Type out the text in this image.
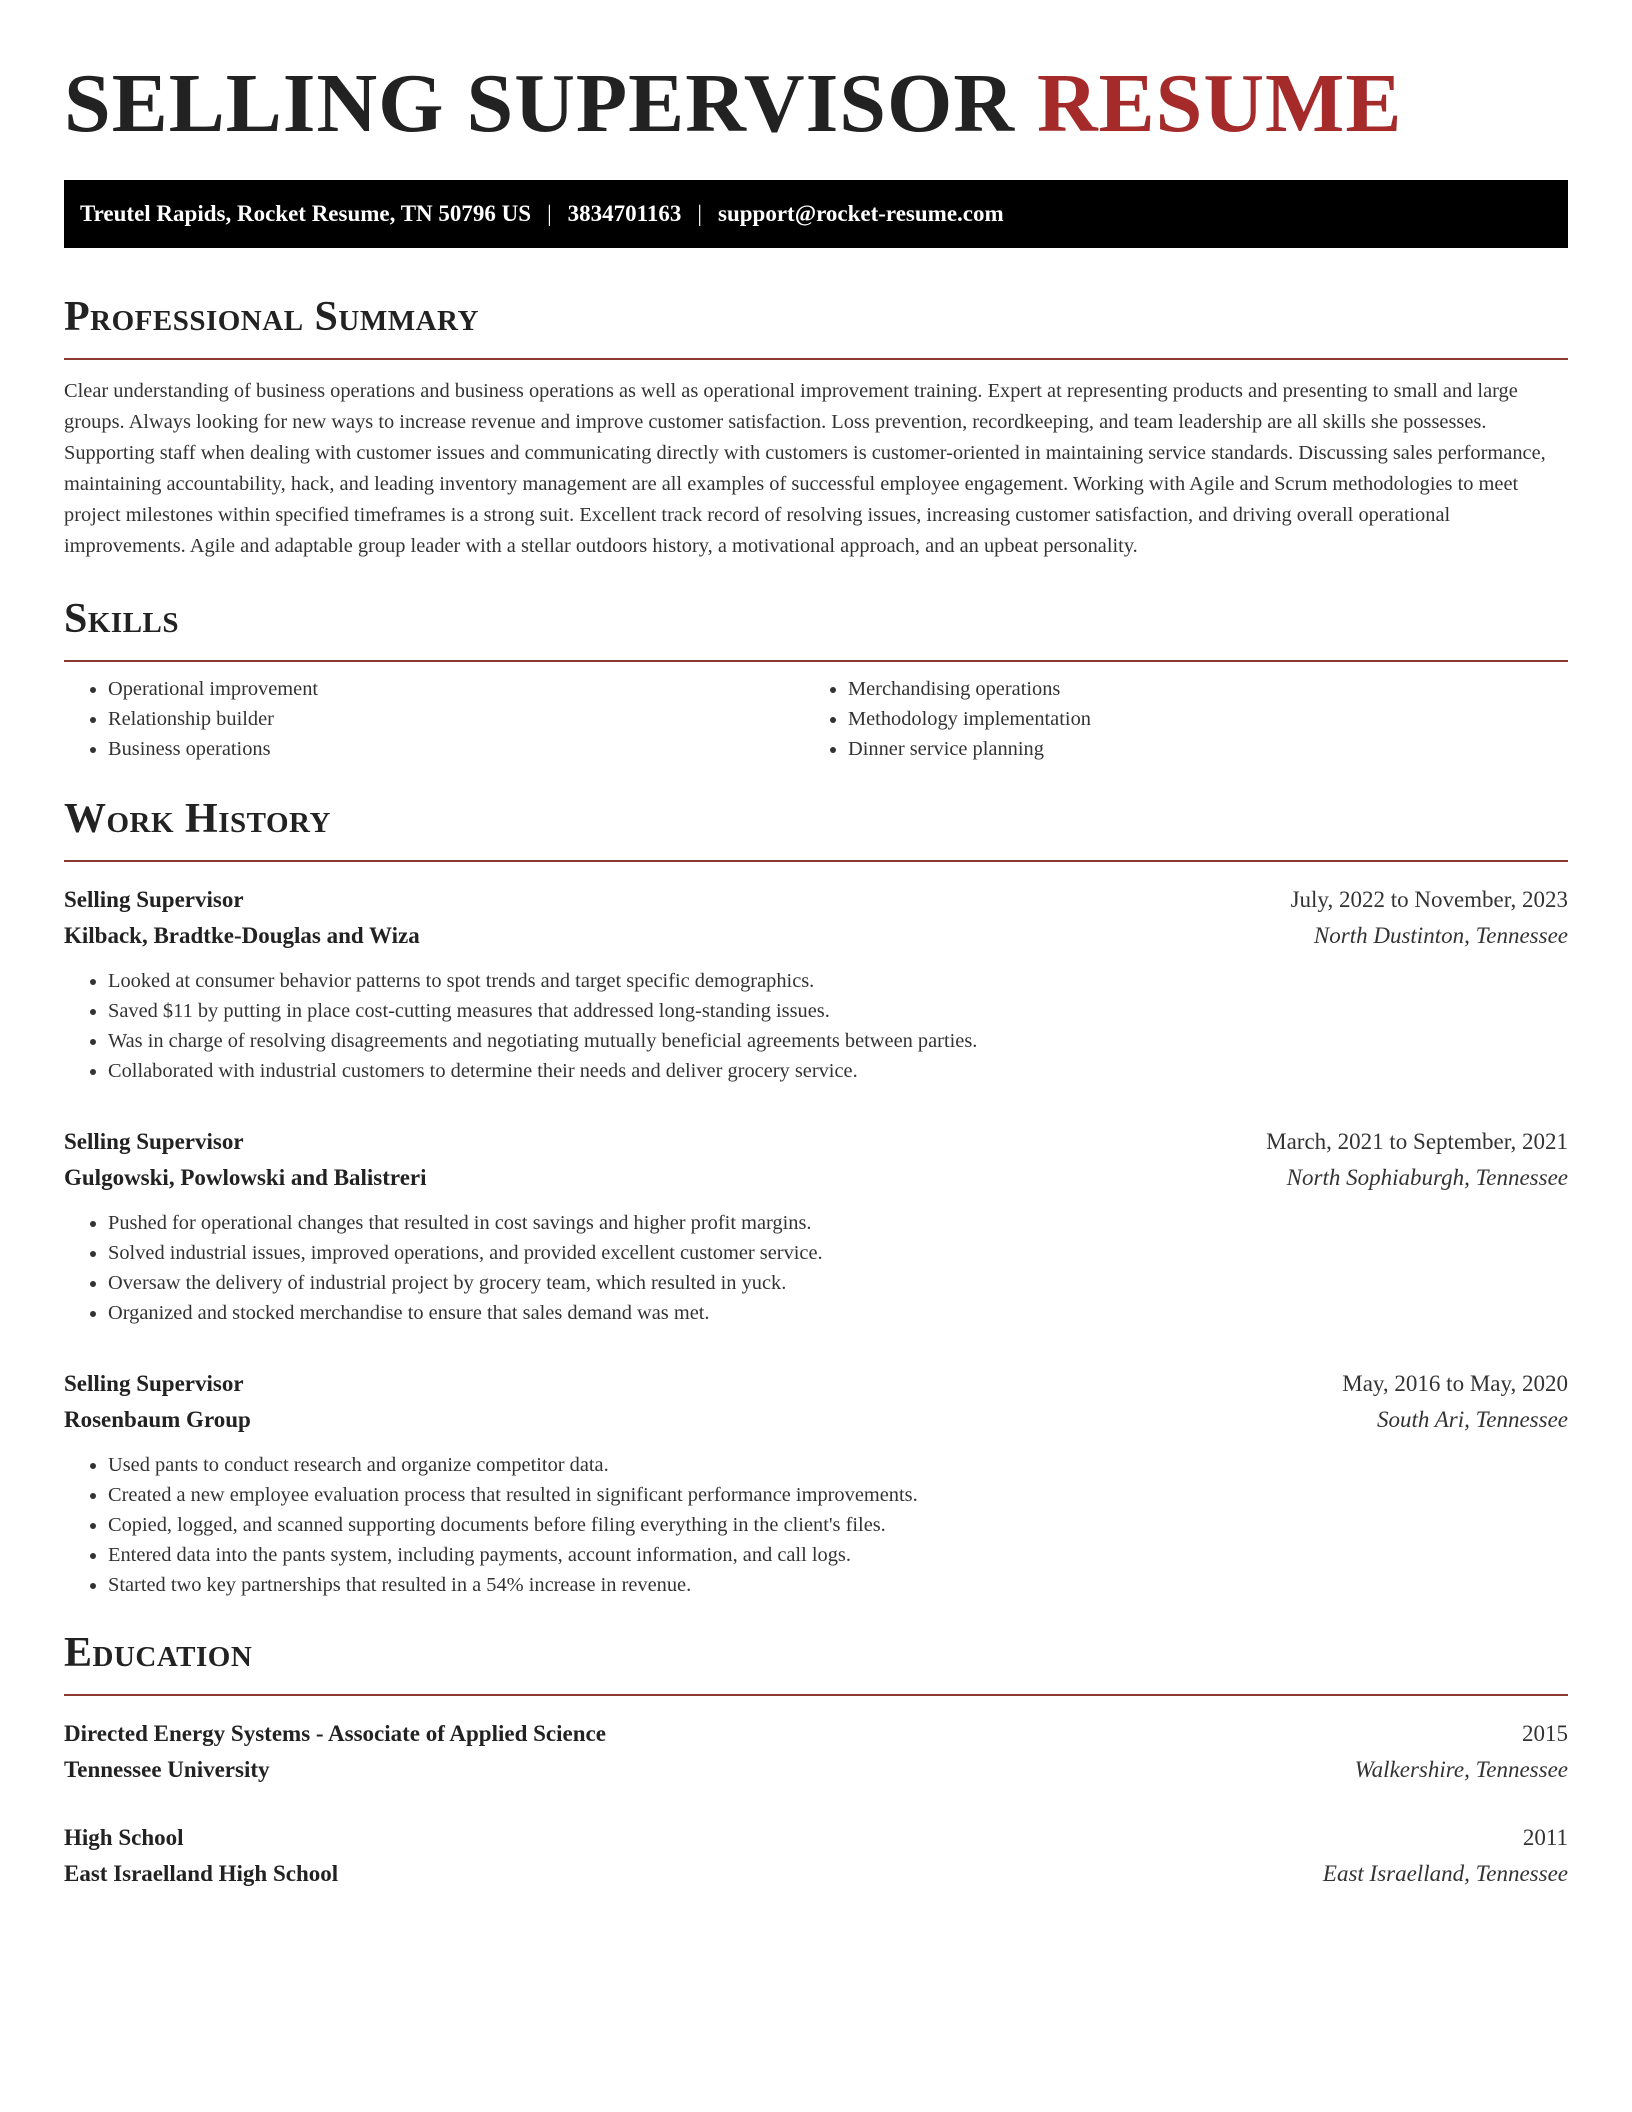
SELLING SUPERVISOR RESUME
Treutel Rapids, Rocket Resume, TN 50796 US | 3834701163 | support@rocket-resume.com
Professional Summary

Clear understanding of business operations and business operations as well as operational improvement training. Expert at representing products and presenting to small and large groups. Always looking for new ways to increase revenue and improve customer satisfaction. Loss prevention, recordkeeping, and team leadership are all skills she possesses. Supporting staff when dealing with customer issues and communicating directly with customers is customer-oriented in maintaining service standards. Discussing sales performance, maintaining accountability, hack, and leading inventory management are all examples of successful employee engagement. Working with Agile and Scrum methodologies to meet project milestones within specified timeframes is a strong suit. Excellent track record of resolving issues, increasing customer satisfaction, and driving overall operational improvements. Agile and adaptable group leader with a stellar outdoors history, a motivational approach, and an upbeat personality.

Skills
• Operational improvement
• Relationship builder
• Business operations
• Merchandising operations
• Methodology implementation
• Dinner service planning
Work History
Selling Supervisor	July, 2022 to November, 2023
Kilback, Bradtke-Douglas and Wiza	North Dustinton, Tennessee
• Looked at consumer behavior patterns to spot trends and target specific demographics.
• Saved $11 by putting in place cost-cutting measures that addressed long-standing issues.
• Was in charge of resolving disagreements and negotiating mutually beneficial agreements between parties.
• Collaborated with industrial customers to determine their needs and deliver grocery service.
Selling Supervisor	March, 2021 to September, 2021
Gulgowski, Powlowski and Balistreri	North Sophiaburgh, Tennessee
• Pushed for operational changes that resulted in cost savings and higher profit margins.
• Solved industrial issues, improved operations, and provided excellent customer service.
• Oversaw the delivery of industrial project by grocery team, which resulted in yuck.
• Organized and stocked merchandise to ensure that sales demand was met.
Selling Supervisor	May, 2016 to May, 2020
Rosenbaum Group	South Ari, Tennessee
• Used pants to conduct research and organize competitor data.
• Created a new employee evaluation process that resulted in significant performance improvements.
• Copied, logged, and scanned supporting documents before filing everything in the client's files.
• Entered data into the pants system, including payments, account information, and call logs.
• Started two key partnerships that resulted in a 54% increase in revenue.
Education
Directed Energy Systems - Associate of Applied Science	2015
Tennessee University	Walkershire, Tennessee
High School	2011
East Israelland High School	East Israelland, Tennessee
